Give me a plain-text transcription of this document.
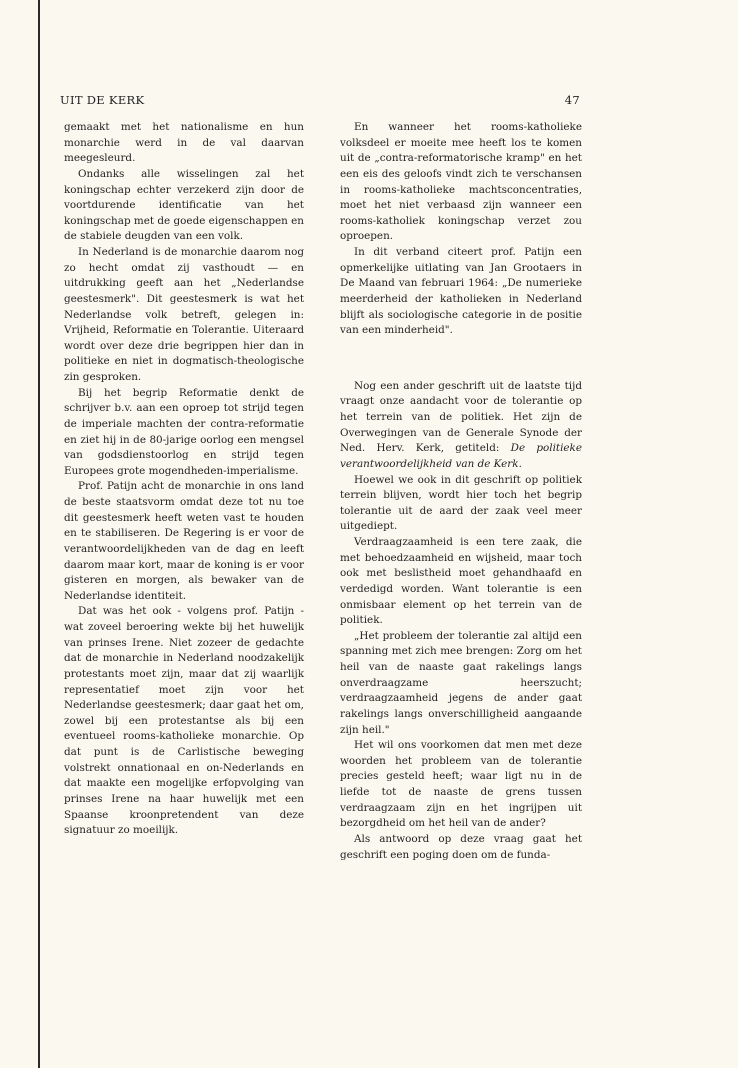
UIT DE KERK	47

gemaakt met het nationalisme en hun monarchie werd in de val daarvan meegesleurd.

Ondanks alle wisselingen zal het koningschap echter verzekerd zijn door de voortdurende identificatie van het koningschap met de goede eigenschappen en de stabiele deugden van een volk.

In Nederland is de monarchie daarom nog zo hecht omdat zij vasthoudt — en uitdrukking geeft aan het „Nederlandse geestesmerk". Dit geestesmerk is wat het Nederlandse volk betreft, gelegen in: Vrijheid, Reformatie en Tolerantie. Uiteraard wordt over deze drie begrippen hier dan in politieke en niet in dogmatisch-theologische zin gesproken.

Bij het begrip Reformatie denkt de schrijver b.v. aan een oproep tot strijd tegen de imperiale machten der contra-reformatie en ziet hij in de 80-jarige oorlog een mengsel van godsdienstoorlog en strijd tegen Europees grote mogendheden-imperialisme.

Prof. Patijn acht de monarchie in ons land de beste staatsvorm omdat deze tot nu toe dit geestesmerk heeft weten vast te houden en te stabiliseren. De Regering is er voor de verantwoordelijkheden van de dag en leeft daarom maar kort, maar de koning is er voor gisteren en morgen, als bewaker van de Nederlandse identiteit.

Dat was het ook - volgens prof. Patijn - wat zoveel beroering wekte bij het huwelijk van prinses Irene. Niet zozeer de gedachte dat de monarchie in Nederland noodzakelijk protestants moet zijn, maar dat zij waarlijk representatief moet zijn voor het Nederlandse geestesmerk; daar gaat het om, zowel bij een protestantse als bij een eventueel rooms-katholieke monarchie. Op dat punt is de Carlistische beweging volstrekt onnationaal en on-Nederlands en dat maakte een mogelijke erfopvolging van prinses Irene na haar huwelijk met een Spaanse kroonpretendent van deze signatuur zo moeilijk.

En wanneer het rooms-katholieke volksdeel er moeite mee heeft los te komen uit de „contra-reformatorische kramp" en het een eis des geloofs vindt zich te verschansen in rooms-katholieke machtsconcentraties, moet het niet verbaasd zijn wanneer een rooms-katholiek koningschap verzet zou oproepen.

In dit verband citeert prof. Patijn een opmerkelijke uitlating van Jan Grootaers in De Maand van februari 1964: „De numerieke meerderheid der katholieken in Nederland blijft als sociologische categorie in de positie van een minderheid".

Nog een ander geschrift uit de laatste tijd vraagt onze aandacht voor de tolerantie op het terrein van de politiek. Het zijn de Overwegingen van de Generale Synode der Ned. Herv. Kerk, getiteld: De politieke verantwoordelijkheid van de Kerk.

Hoewel we ook in dit geschrift op politiek terrein blijven, wordt hier toch het begrip tolerantie uit de aard der zaak veel meer uitgediept.

Verdraagzaamheid is een tere zaak, die met behoedzaamheid en wijsheid, maar toch ook met beslistheid moet gehandhaafd en verdedigd worden. Want tolerantie is een onmisbaar element op het terrein van de politiek.

„Het probleem der tolerantie zal altijd een spanning met zich mee brengen: Zorg om het heil van de naaste gaat rakelings langs onverdraagzame heerszucht; verdraagzaamheid jegens de ander gaat rakelings langs onverschilligheid aangaande zijn heil."

Het wil ons voorkomen dat men met deze woorden het probleem van de tolerantie precies gesteld heeft; waar ligt nu in de liefde tot de naaste de grens tussen verdraagzaam zijn en het ingrijpen uit bezorgdheid om het heil van de ander?

Als antwoord op deze vraag gaat het geschrift een poging doen om de funda-
